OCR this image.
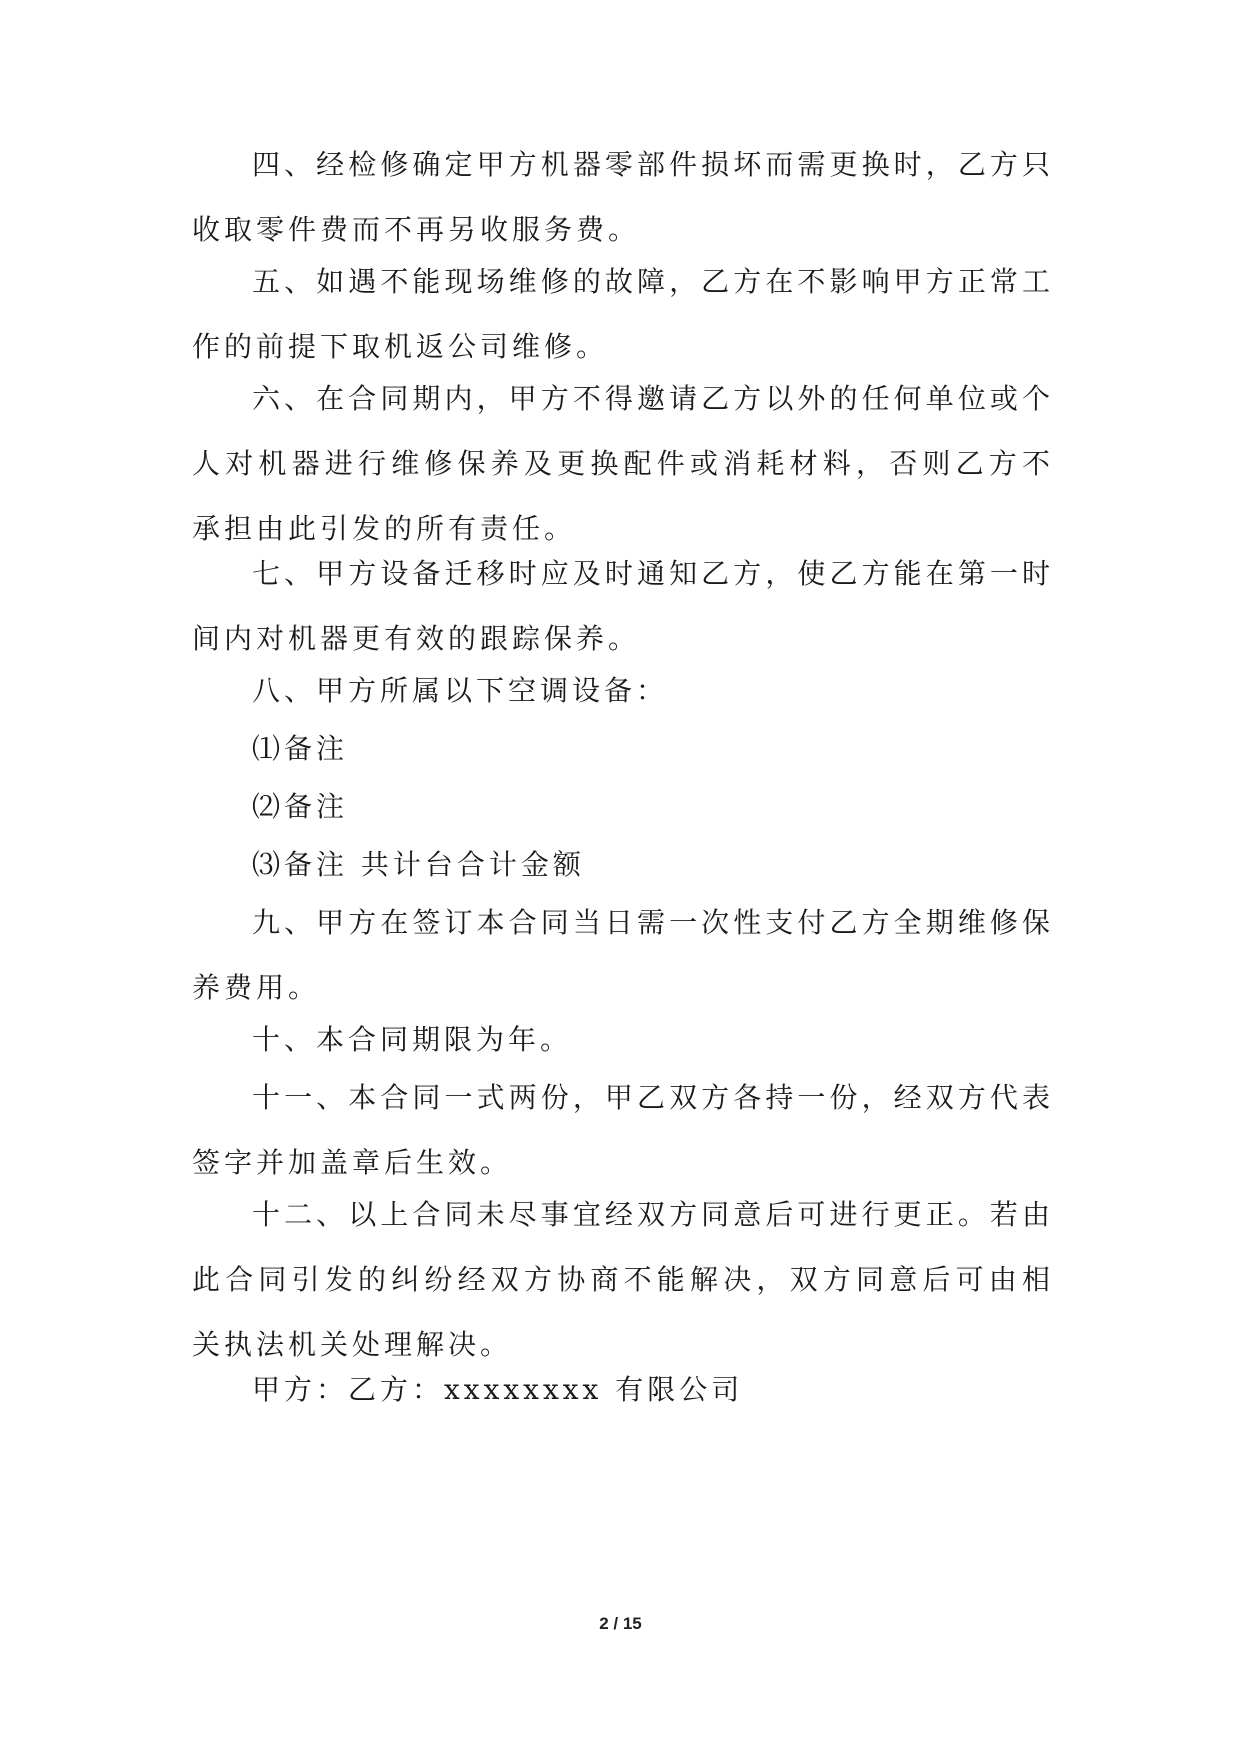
四、经检修确定甲方机器零部件损坏而需更换时，乙方只收取零件费而不再另收服务费。

五、如遇不能现场维修的故障，乙方在不影响甲方正常工作的前提下取机返公司维修。

六、在合同期内，甲方不得邀请乙方以外的任何单位或个人对机器进行维修保养及更换配件或消耗材料，否则乙方不承担由此引发的所有责任。

七、甲方设备迁移时应及时通知乙方，使乙方能在第一时间内对机器更有效的跟踪保养。

八、甲方所属以下空调设备：

⑴备注

⑵备注

⑶备注 共计台合计金额

九、甲方在签订本合同当日需一次性支付乙方全期维修保养费用。

十、本合同期限为年。

十一、本合同一式两份，甲乙双方各持一份，经双方代表签字并加盖章后生效。

十二、以上合同未尽事宜经双方同意后可进行更正。若由此合同引发的纠纷经双方协商不能解决，双方同意后可由相关执法机关处理解决。

甲方：乙方：xxxxxxxx 有限公司

2 / 15
